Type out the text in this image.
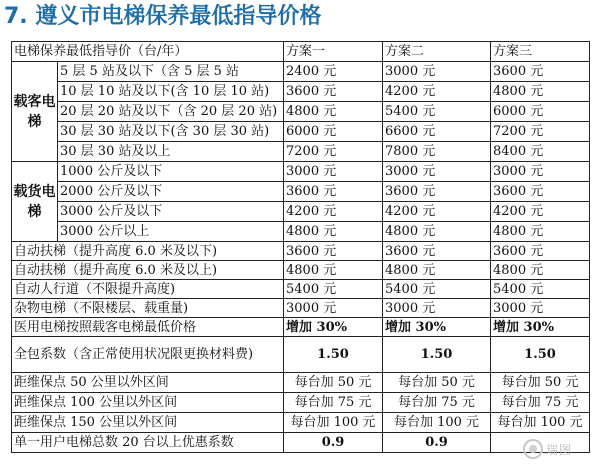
7. 遵义市电梯保养最低指导价格
电梯保养最低指导价（台/年）		方案一	方案二	方案三
载客电梯	5 层 5 站及以下（含 5 层 5 站	2400 元	3000 元	3600 元
	10 层 10 站及以下(含 10 层 10 站)	3600 元	4200 元	4800 元
	20 层 20 站及以下（含 20 层 20 站)	4800 元	5400 元	6000 元
	30 层 30 站及以下(含 30 层 30 站)	6000 元	6600 元	7200 元
	30 层 30 站及以上	7200 元	7800 元	8400 元
载货电梯	1000 公斤及以下	3000 元	3000 元	3000 元
	2000 公斤及以下	3600 元	3600 元	3600 元
	3000 公斤及以下	4200 元	4200 元	4200 元
	3000 公斤以上	4800 元	4800 元	4800 元
自动扶梯（提升高度 6.0 米及以下)		3600 元	3600 元	3600 元
自动扶梯（提升高度 6.0 米及以上)		4800 元	4800 元	4800 元
自动人行道（不限提升高度)		5400 元	5400 元	5400 元
杂物电梯（不限楼层、载重量)		3000 元	3000 元	3000 元
医用电梯按照载客电梯最低价格		增加 30%	增加 30%	增加 30%
全包系数（含正常使用状况限更换材料费)		1.50	1.50	1.50
距维保点 50 公里以外区间		每台加 50 元	每台加 50 元	每台加 50 元
距维保点 100 公里以外区间		每台加 75 元	每台加 75 元	每台加 75 元
距维保点 150 公里以外区间		每台加 100 元	每台加 100 元	每台加 100 元
单一用户电梯总数 20 台以上优惠系数		0.9	0.9		瑞图
